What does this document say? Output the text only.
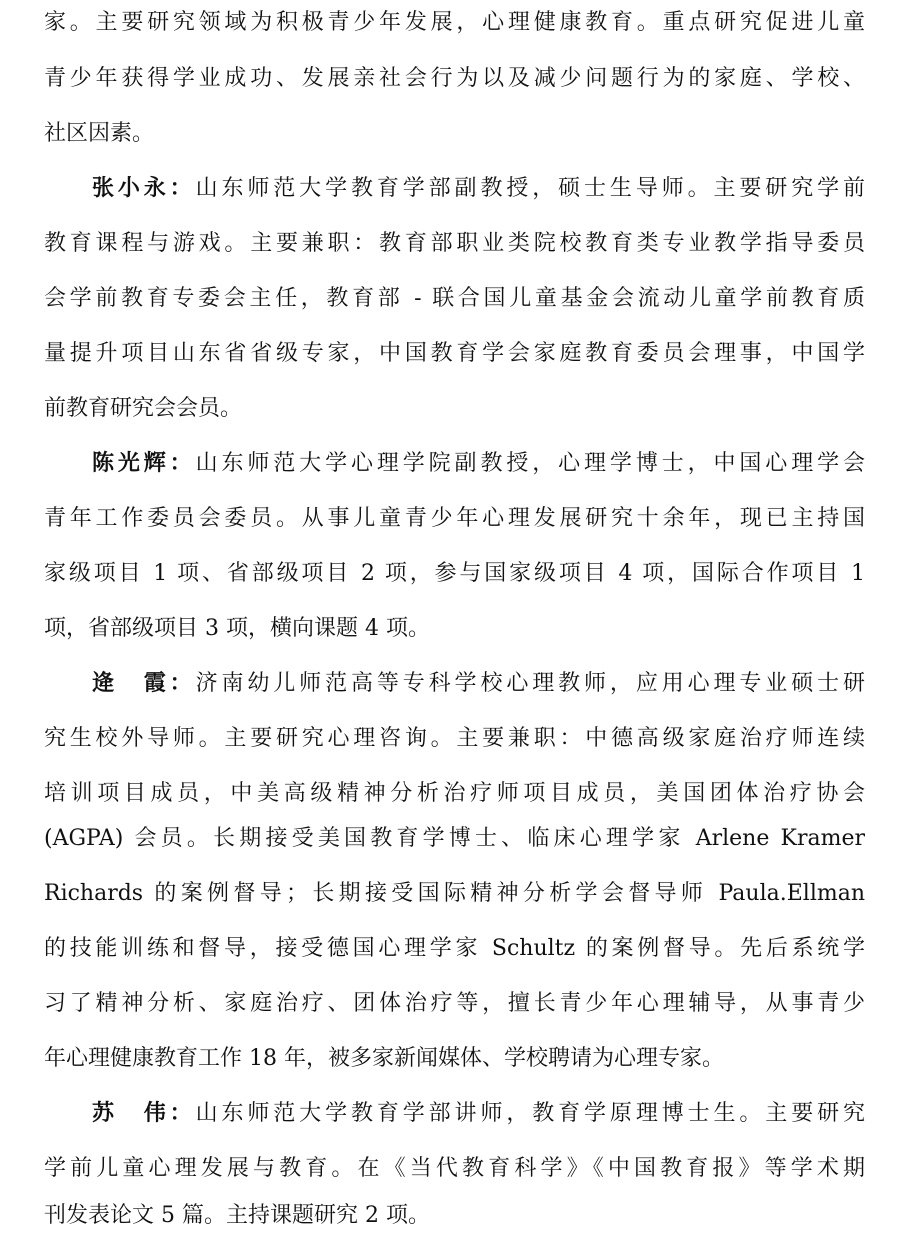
家。主要研究领域为积极青少年发展，心理健康教育。重点研究促进儿童
青少年获得学业成功、发展亲社会行为以及减少问题行为的家庭、学校、
社区因素。
张小永：山东师范大学教育学部副教授，硕士生导师。主要研究学前
教育课程与游戏。主要兼职：教育部职业类院校教育类专业教学指导委员
会学前教育专委会主任，教育部 - 联合国儿童基金会流动儿童学前教育质
量提升项目山东省省级专家，中国教育学会家庭教育委员会理事，中国学
前教育研究会会员。
陈光辉：山东师范大学心理学院副教授，心理学博士，中国心理学会
青年工作委员会委员。从事儿童青少年心理发展研究十余年，现已主持国
家级项目 1 项、省部级项目 2 项，参与国家级项目 4 项，国际合作项目 1
项，省部级项目 3 项，横向课题 4 项。
逄　霞：济南幼儿师范高等专科学校心理教师，应用心理专业硕士研
究生校外导师。主要研究心理咨询。主要兼职：中德高级家庭治疗师连续
培训项目成员，中美高级精神分析治疗师项目成员，美国团体治疗协会
(AGPA) 会员。长期接受美国教育学博士、临床心理学家 Arlene Kramer
Richards 的案例督导；长期接受国际精神分析学会督导师 Paula.Ellman
的技能训练和督导，接受德国心理学家 Schultz 的案例督导。先后系统学
习了精神分析、家庭治疗、团体治疗等，擅长青少年心理辅导，从事青少
年心理健康教育工作 18 年，被多家新闻媒体、学校聘请为心理专家。
苏　伟：山东师范大学教育学部讲师，教育学原理博士生。主要研究
学前儿童心理发展与教育。在《当代教育科学》《中国教育报》等学术期
刊发表论文 5 篇。主持课题研究 2 项。
